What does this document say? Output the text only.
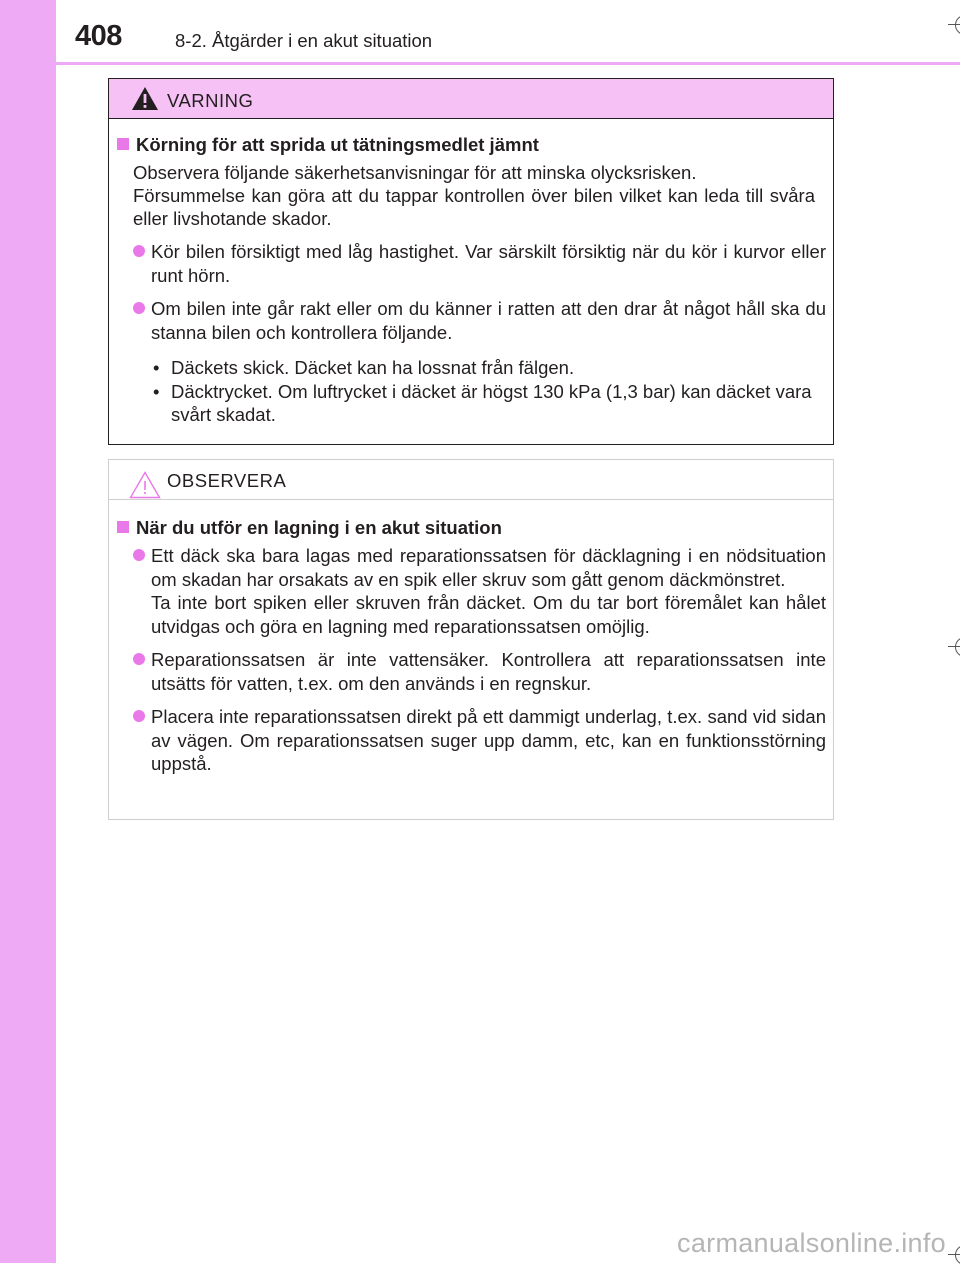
408	8-2. Åtgärder i en akut situation
VARNING
Körning för att sprida ut tätningsmedlet jämnt
Observera följande säkerhetsanvisningar för att minska olycksrisken.
Försummelse kan göra att du tappar kontrollen över bilen vilket kan leda till svåra eller livshotande skador.
Kör bilen försiktigt med låg hastighet. Var särskilt försiktig när du kör i kurvor eller runt hörn.
Om bilen inte går rakt eller om du känner i ratten att den drar åt något håll ska du stanna bilen och kontrollera följande.
• Däckets skick. Däcket kan ha lossnat från fälgen.
• Däcktrycket. Om luftrycket i däcket är högst 130 kPa (1,3 bar) kan däcket vara svårt skadat.
OBSERVERA
När du utför en lagning i en akut situation
Ett däck ska bara lagas med reparationssatsen för däcklagning i en nödsituation om skadan har orsakats av en spik eller skruv som gått genom däckmönstret.
Ta inte bort spiken eller skruven från däcket. Om du tar bort föremålet kan hålet utvidgas och göra en lagning med reparationssatsen omöjlig.
Reparationssatsen är inte vattensäker. Kontrollera att reparationssatsen inte utsätts för vatten, t.ex. om den används i en regnskur.
Placera inte reparationssatsen direkt på ett dammigt underlag, t.ex. sand vid sidan av vägen. Om reparationssatsen suger upp damm, etc, kan en funktionsstörning uppstå.
carmanualsonline.info
